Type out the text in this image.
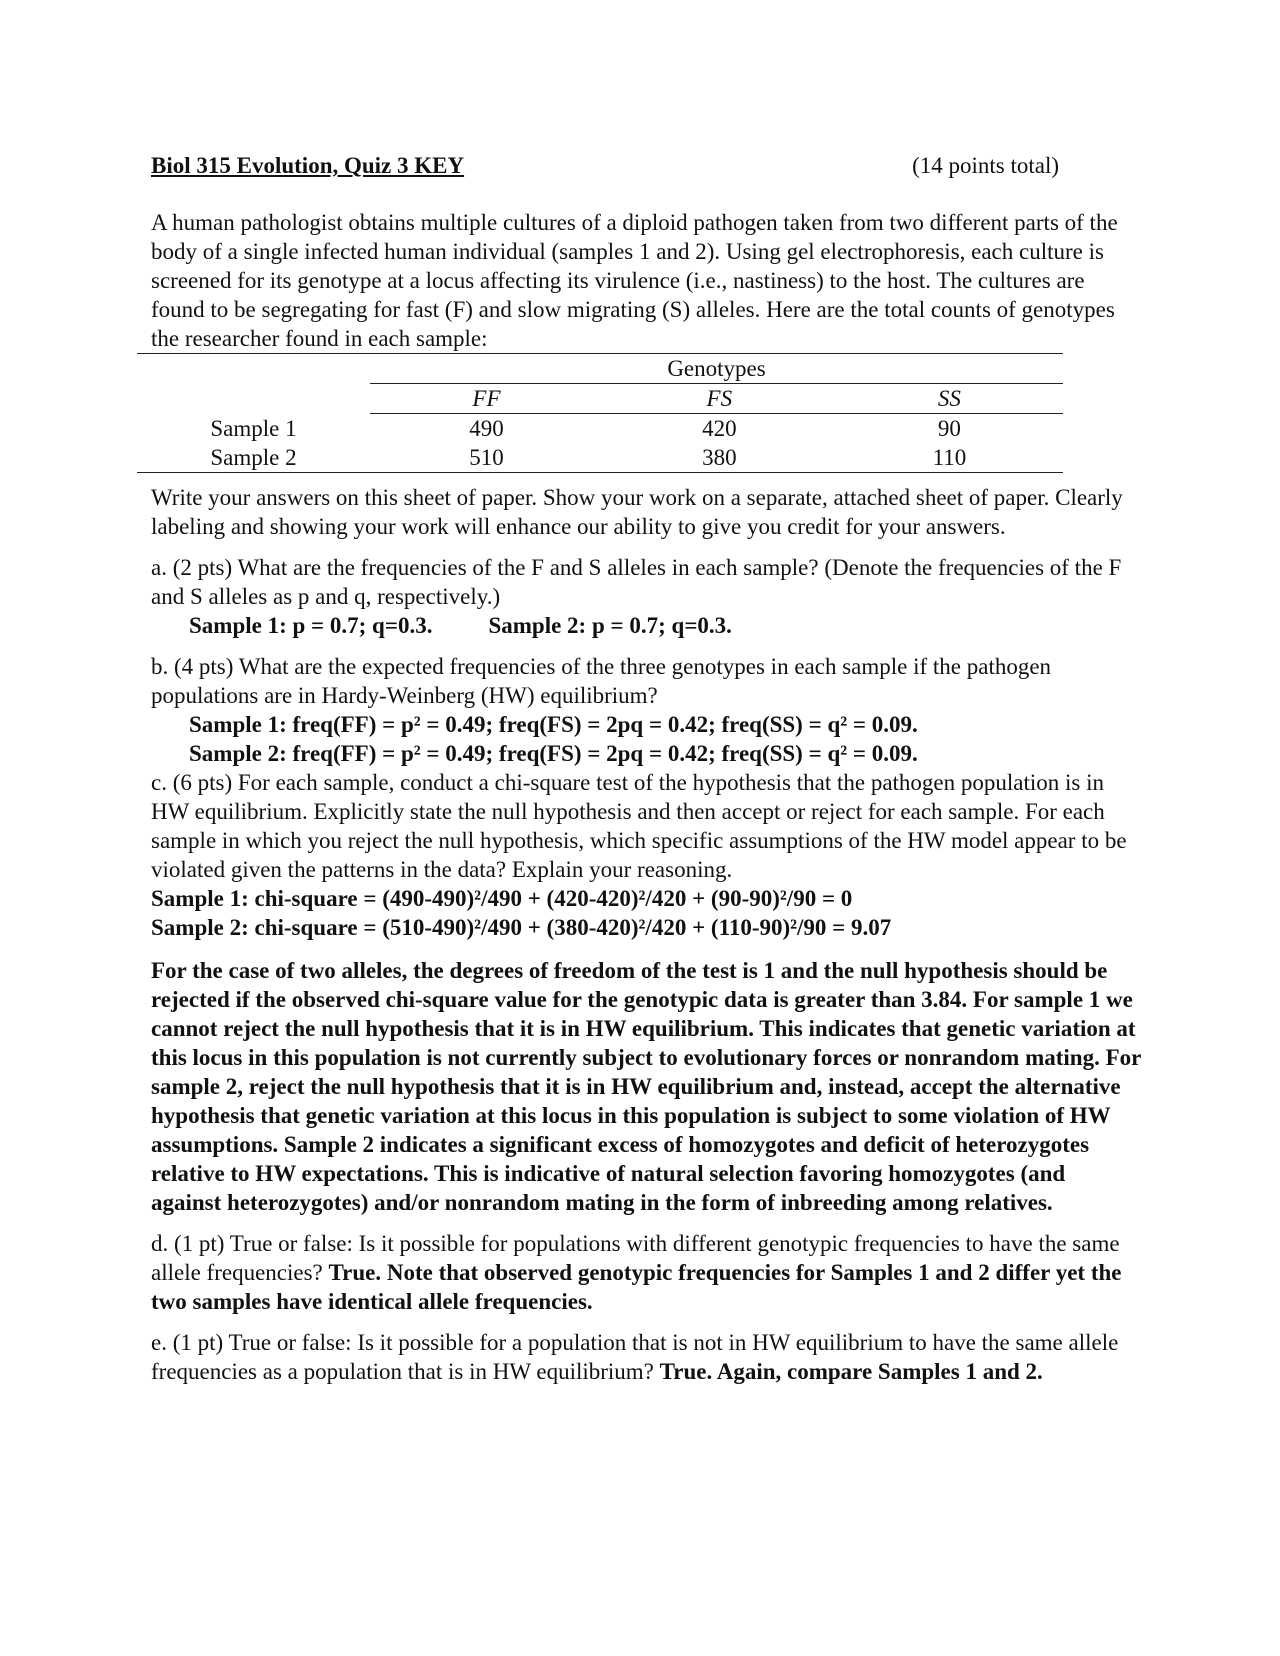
Biol 315 Evolution, Quiz 3 KEY	(14 points total)

A human pathologist obtains multiple cultures of a diploid pathogen taken from two different parts of the body of a single infected human individual (samples 1 and 2). Using gel electrophoresis, each culture is screened for its genotype at a locus affecting its virulence (i.e., nastiness) to the host. The cultures are found to be segregating for fast (F) and slow migrating (S) alleles. Here are the total counts of genotypes the researcher found in each sample:

	Genotypes		
	FF	FS	SS
Sample 1	490	420	90
Sample 2	510	380	110

Write your answers on this sheet of paper. Show your work on a separate, attached sheet of paper. Clearly labeling and showing your work will enhance our ability to give you credit for your answers.

a. (2 pts) What are the frequencies of the F and S alleles in each sample? (Denote the frequencies of the F and S alleles as p and q, respectively.)

Sample 1: p = 0.7; q=0.3. Sample 2: p = 0.7; q=0.3.

b. (4 pts) What are the expected frequencies of the three genotypes in each sample if the pathogen populations are in Hardy-Weinberg (HW) equilibrium?

Sample 1: freq(FF) = p² = 0.49; freq(FS) = 2pq = 0.42; freq(SS) = q² = 0.09.

Sample 2: freq(FF) = p² = 0.49; freq(FS) = 2pq = 0.42; freq(SS) = q² = 0.09.

c. (6 pts) For each sample, conduct a chi-square test of the hypothesis that the pathogen population is in HW equilibrium. Explicitly state the null hypothesis and then accept or reject for each sample. For each sample in which you reject the null hypothesis, which specific assumptions of the HW model appear to be violated given the patterns in the data? Explain your reasoning.

Sample 1: chi-square = (490-490)²/490 + (420-420)²/420 + (90-90)²/90 = 0

Sample 2: chi-square = (510-490)²/490 + (380-420)²/420 + (110-90)²/90 = 9.07

For the case of two alleles, the degrees of freedom of the test is 1 and the null hypothesis should be rejected if the observed chi-square value for the genotypic data is greater than 3.84. For sample 1 we cannot reject the null hypothesis that it is in HW equilibrium. This indicates that genetic variation at this locus in this population is not currently subject to evolutionary forces or nonrandom mating. For sample 2, reject the null hypothesis that it is in HW equilibrium and, instead, accept the alternative hypothesis that genetic variation at this locus in this population is subject to some violation of HW assumptions. Sample 2 indicates a significant excess of homozygotes and deficit of heterozygotes relative to HW expectations. This is indicative of natural selection favoring homozygotes (and against heterozygotes) and/or nonrandom mating in the form of inbreeding among relatives.

d. (1 pt) True or false: Is it possible for populations with different genotypic frequencies to have the same allele frequencies? True. Note that observed genotypic frequencies for Samples 1 and 2 differ yet the two samples have identical allele frequencies.

e. (1 pt) True or false: Is it possible for a population that is not in HW equilibrium to have the same allele frequencies as a population that is in HW equilibrium? True. Again, compare Samples 1 and 2.
